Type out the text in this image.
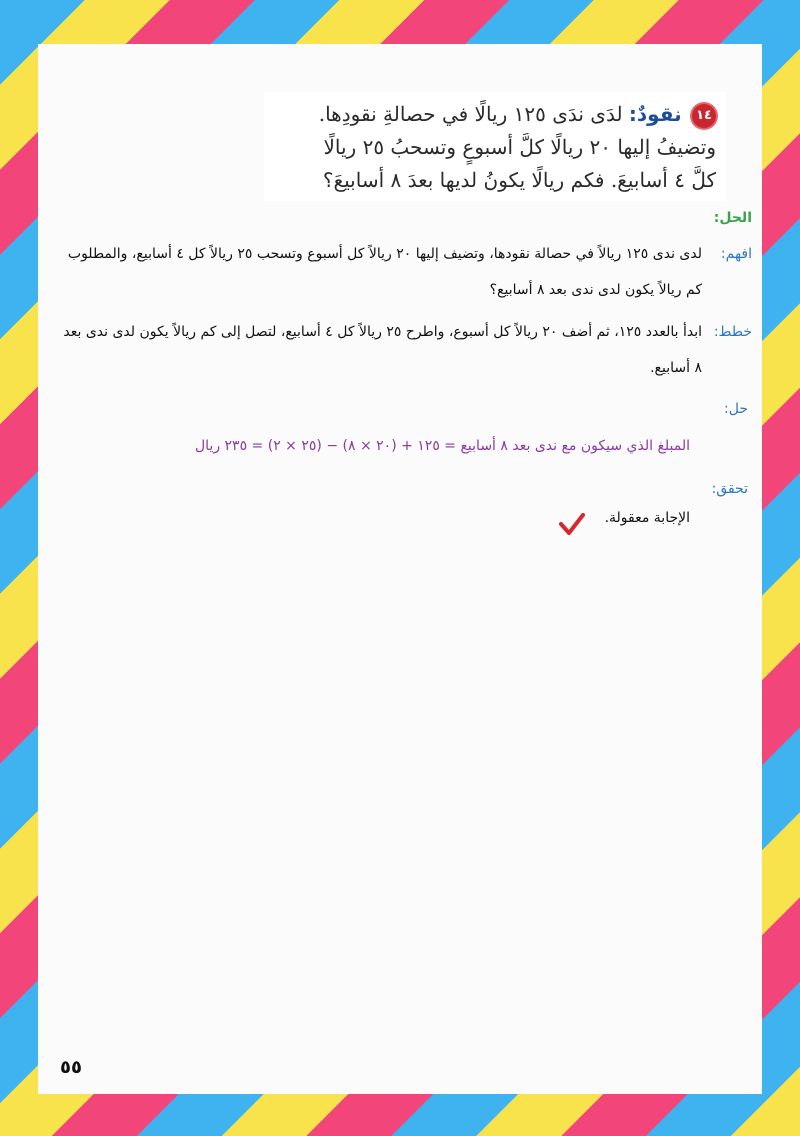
١٤ نقودٌ: لدَى ندَى ١٢٥ ريالًا في حصالةِ نقودِها.
وتضيفُ إليها ٢٠ ريالًا كلَّ أسبوعٍ وتسحبُ ٢٥ ريالًا
كلَّ ٤ أسابيعَ. فكم ريالًا يكونُ لديها بعدَ ٨ أسابيعَ؟
الحل:
افهم:
لدى ندى ١٢٥ ريالاً في حصالة نقودها، وتضيف إليها ٢٠ ريالاً كل أسبوع وتسحب ٢٥ ريالاً كل ٤ أسابيع، والمطلوب كم ريالاً يكون لدى ندى بعد ٨ أسابيع؟
خطط:
ابدأ بالعدد ١٢٥، ثم أضف ٢٠ ريالاً كل أسبوع، واطرح ٢٥ ريالاً كل ٤ أسابيع، لتصل إلى كم ريالاً يكون لدى ندى بعد ٨ أسابيع.
حل:
المبلغ الذي سيكون مع ندى بعد ٨ أسابيع = ١٢٥ + (٢٠ × ٨) − (٢٥ × ٢) = ٢٣٥ ريال
تحقق:
الإجابة معقولة.
٥٥
